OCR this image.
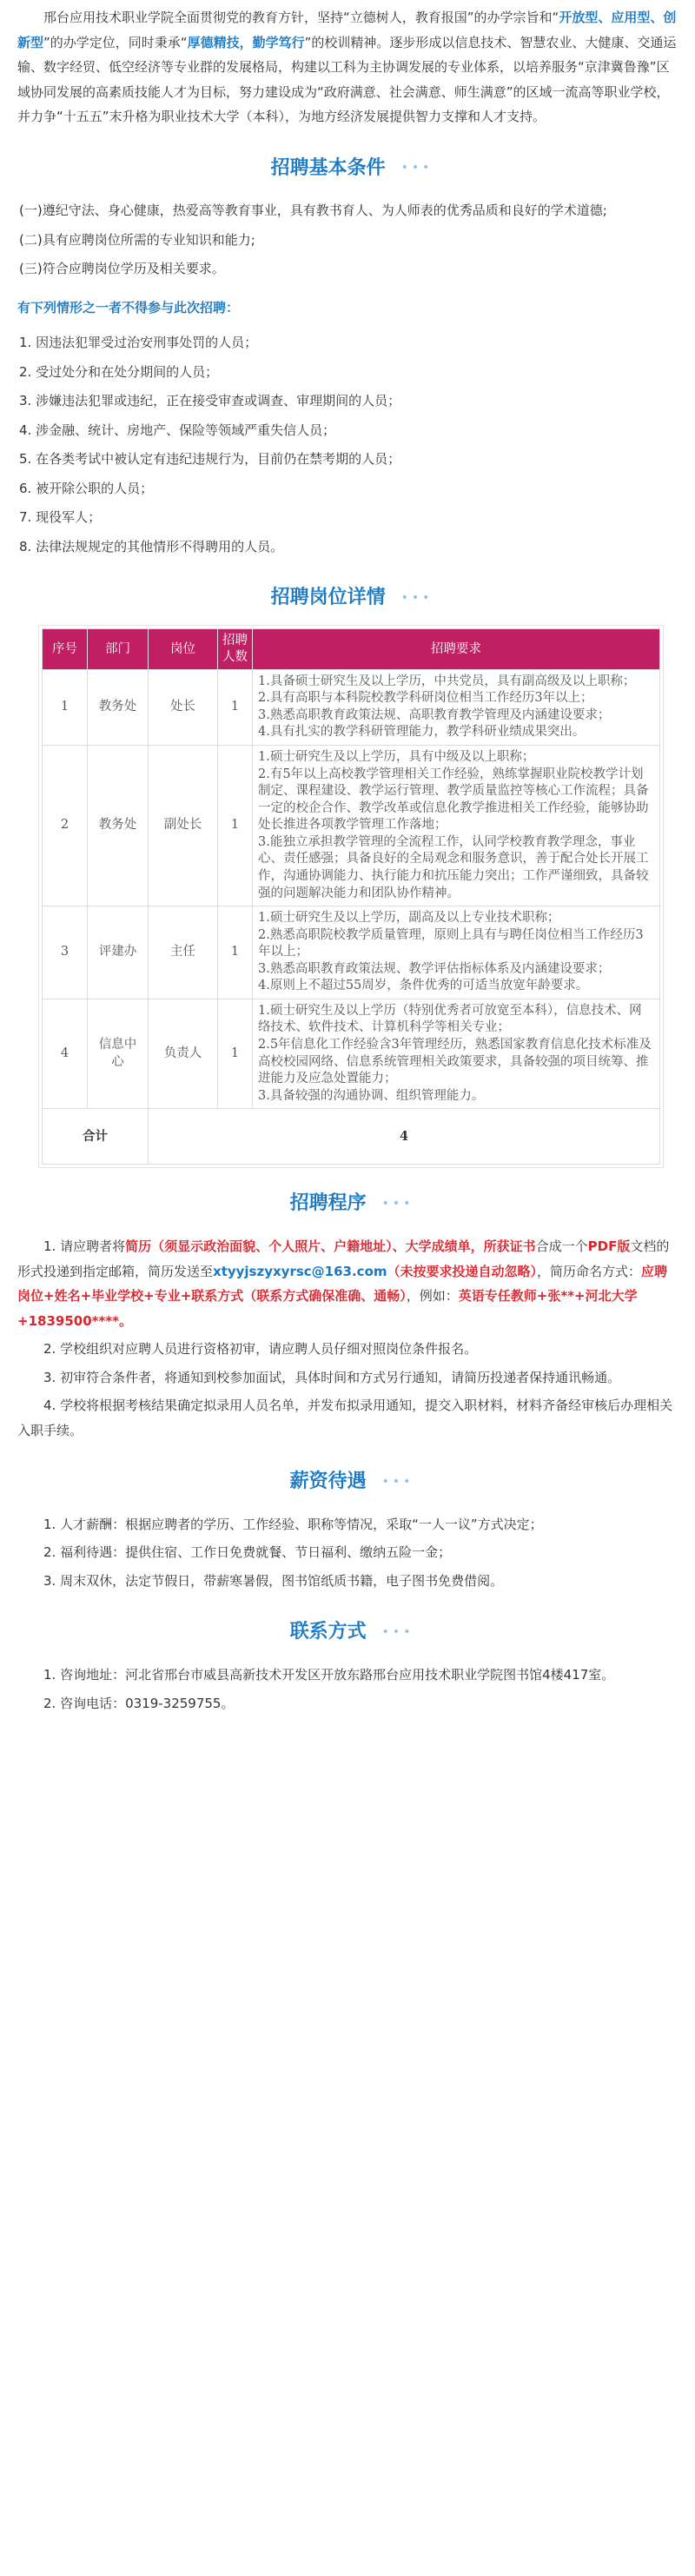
邢台应用技术职业学院全面贯彻党的教育方针，坚持“立德树人，教育报国”的办学宗旨和“开放型、应用型、创新型”的办学定位，同时秉承“厚德精技，勤学笃行”的校训精神。逐步形成以信息技术、智慧农业、大健康、交通运输、数字经贸、低空经济等专业群的发展格局，构建以工科为主协调发展的专业体系，以培养服务“京津冀鲁豫”区域协同发展的高素质技能人才为目标，努力建设成为“政府满意、社会满意、师生满意”的区域一流高等职业学校，并力争“十五五”末升格为职业技术大学（本科），为地方经济发展提供智力支撑和人才支持。

招聘基本条件	•••

(一)遵纪守法、身心健康，热爱高等教育事业，具有教书育人、为人师表的优秀品质和良好的学术道德;

(二)具有应聘岗位所需的专业知识和能力;

(三)符合应聘岗位学历及相关要求。

有下列情形之一者不得参与此次招聘：

1. 因违法犯罪受过治安刑事处罚的人员；

2. 受过处分和在处分期间的人员；

3. 涉嫌违法犯罪或违纪，正在接受审查或调查、审理期间的人员；

4. 涉金融、统计、房地产、保险等领域严重失信人员；

5. 在各类考试中被认定有违纪违规行为，目前仍在禁考期的人员；

6. 被开除公职的人员；

7. 现役军人；

8. 法律法规规定的其他情形不得聘用的人员。

招聘岗位详情	•••
序号	部门	岗位	招聘人数	招聘要求
1	教务处	处长	1	1.具备硕士研究生及以上学历，中共党员，具有副高级及以上职称；
2.具有高职与本科院校教学科研岗位相当工作经历3年以上；
3.熟悉高职教育政策法规、高职教育教学管理及内涵建设要求；
4.具有扎实的教学科研管理能力，教学科研业绩成果突出。
2	教务处	副处长	1	1.硕士研究生及以上学历，具有中级及以上职称；
2.有5年以上高校教学管理相关工作经验，熟练掌握职业院校教学计划制定、课程建设、教学运行管理、教学质量监控等核心工作流程；具备一定的校企合作、教学改革或信息化教学推进相关工作经验，能够协助处长推进各项教学管理工作落地；
3.能独立承担教学管理的全流程工作，认同学校教育教学理念，事业心、责任感强；具备良好的全局观念和服务意识，善于配合处长开展工作，沟通协调能力、执行能力和抗压能力突出；工作严谨细致，具备较强的问题解决能力和团队协作精神。
3	评建办	主任	1	1.硕士研究生及以上学历，副高及以上专业技术职称；
2.熟悉高职院校教学质量管理，原则上具有与聘任岗位相当工作经历3年以上；
3.熟悉高职教育政策法规、教学评估指标体系及内涵建设要求；
4.原则上不超过55周岁，条件优秀的可适当放宽年龄要求。
4	信息中心	负责人	1	1.硕士研究生及以上学历（特别优秀者可放宽至本科），信息技术、网络技术、软件技术、计算机科学等相关专业；
2.5年信息化工作经验含3年管理经历，熟悉国家教育信息化技术标准及高校校园网络、信息系统管理相关政策要求，具备较强的项目统筹、推进能力及应急处置能力；
3.具备较强的沟通协调、组织管理能力。
合计		4		
招聘程序	•••

1. 请应聘者将简历（须显示政治面貌、个人照片、户籍地址）、大学成绩单，所获证书合成一个PDF版文档的形式投递到指定邮箱，简历发送至xtyyjszyxyrsc@163.com（未按要求投递自动忽略），简历命名方式：应聘岗位+姓名+毕业学校+专业+联系方式（联系方式确保准确、通畅），例如：英语专任教师+张**+河北大学+1839500****。

2. 学校组织对应聘人员进行资格初审，请应聘人员仔细对照岗位条件报名。

3. 初审符合条件者，将通知到校参加面试，具体时间和方式另行通知，请简历投递者保持通讯畅通。

4. 学校将根据考核结果确定拟录用人员名单，并发布拟录用通知，提交入职材料，材料齐备经审核后办理相关入职手续。

薪资待遇	•••

1. 人才薪酬：根据应聘者的学历、工作经验、职称等情况，采取“一人一议”方式决定；

2. 福利待遇：提供住宿、工作日免费就餐、节日福利、缴纳五险一金；

3. 周末双休，法定节假日，带薪寒暑假，图书馆纸质书籍，电子图书免费借阅。

联系方式	•••

1. 咨询地址：河北省邢台市威县高新技术开发区开放东路邢台应用技术职业学院图书馆4楼417室。

2. 咨询电话：0319-3259755。
